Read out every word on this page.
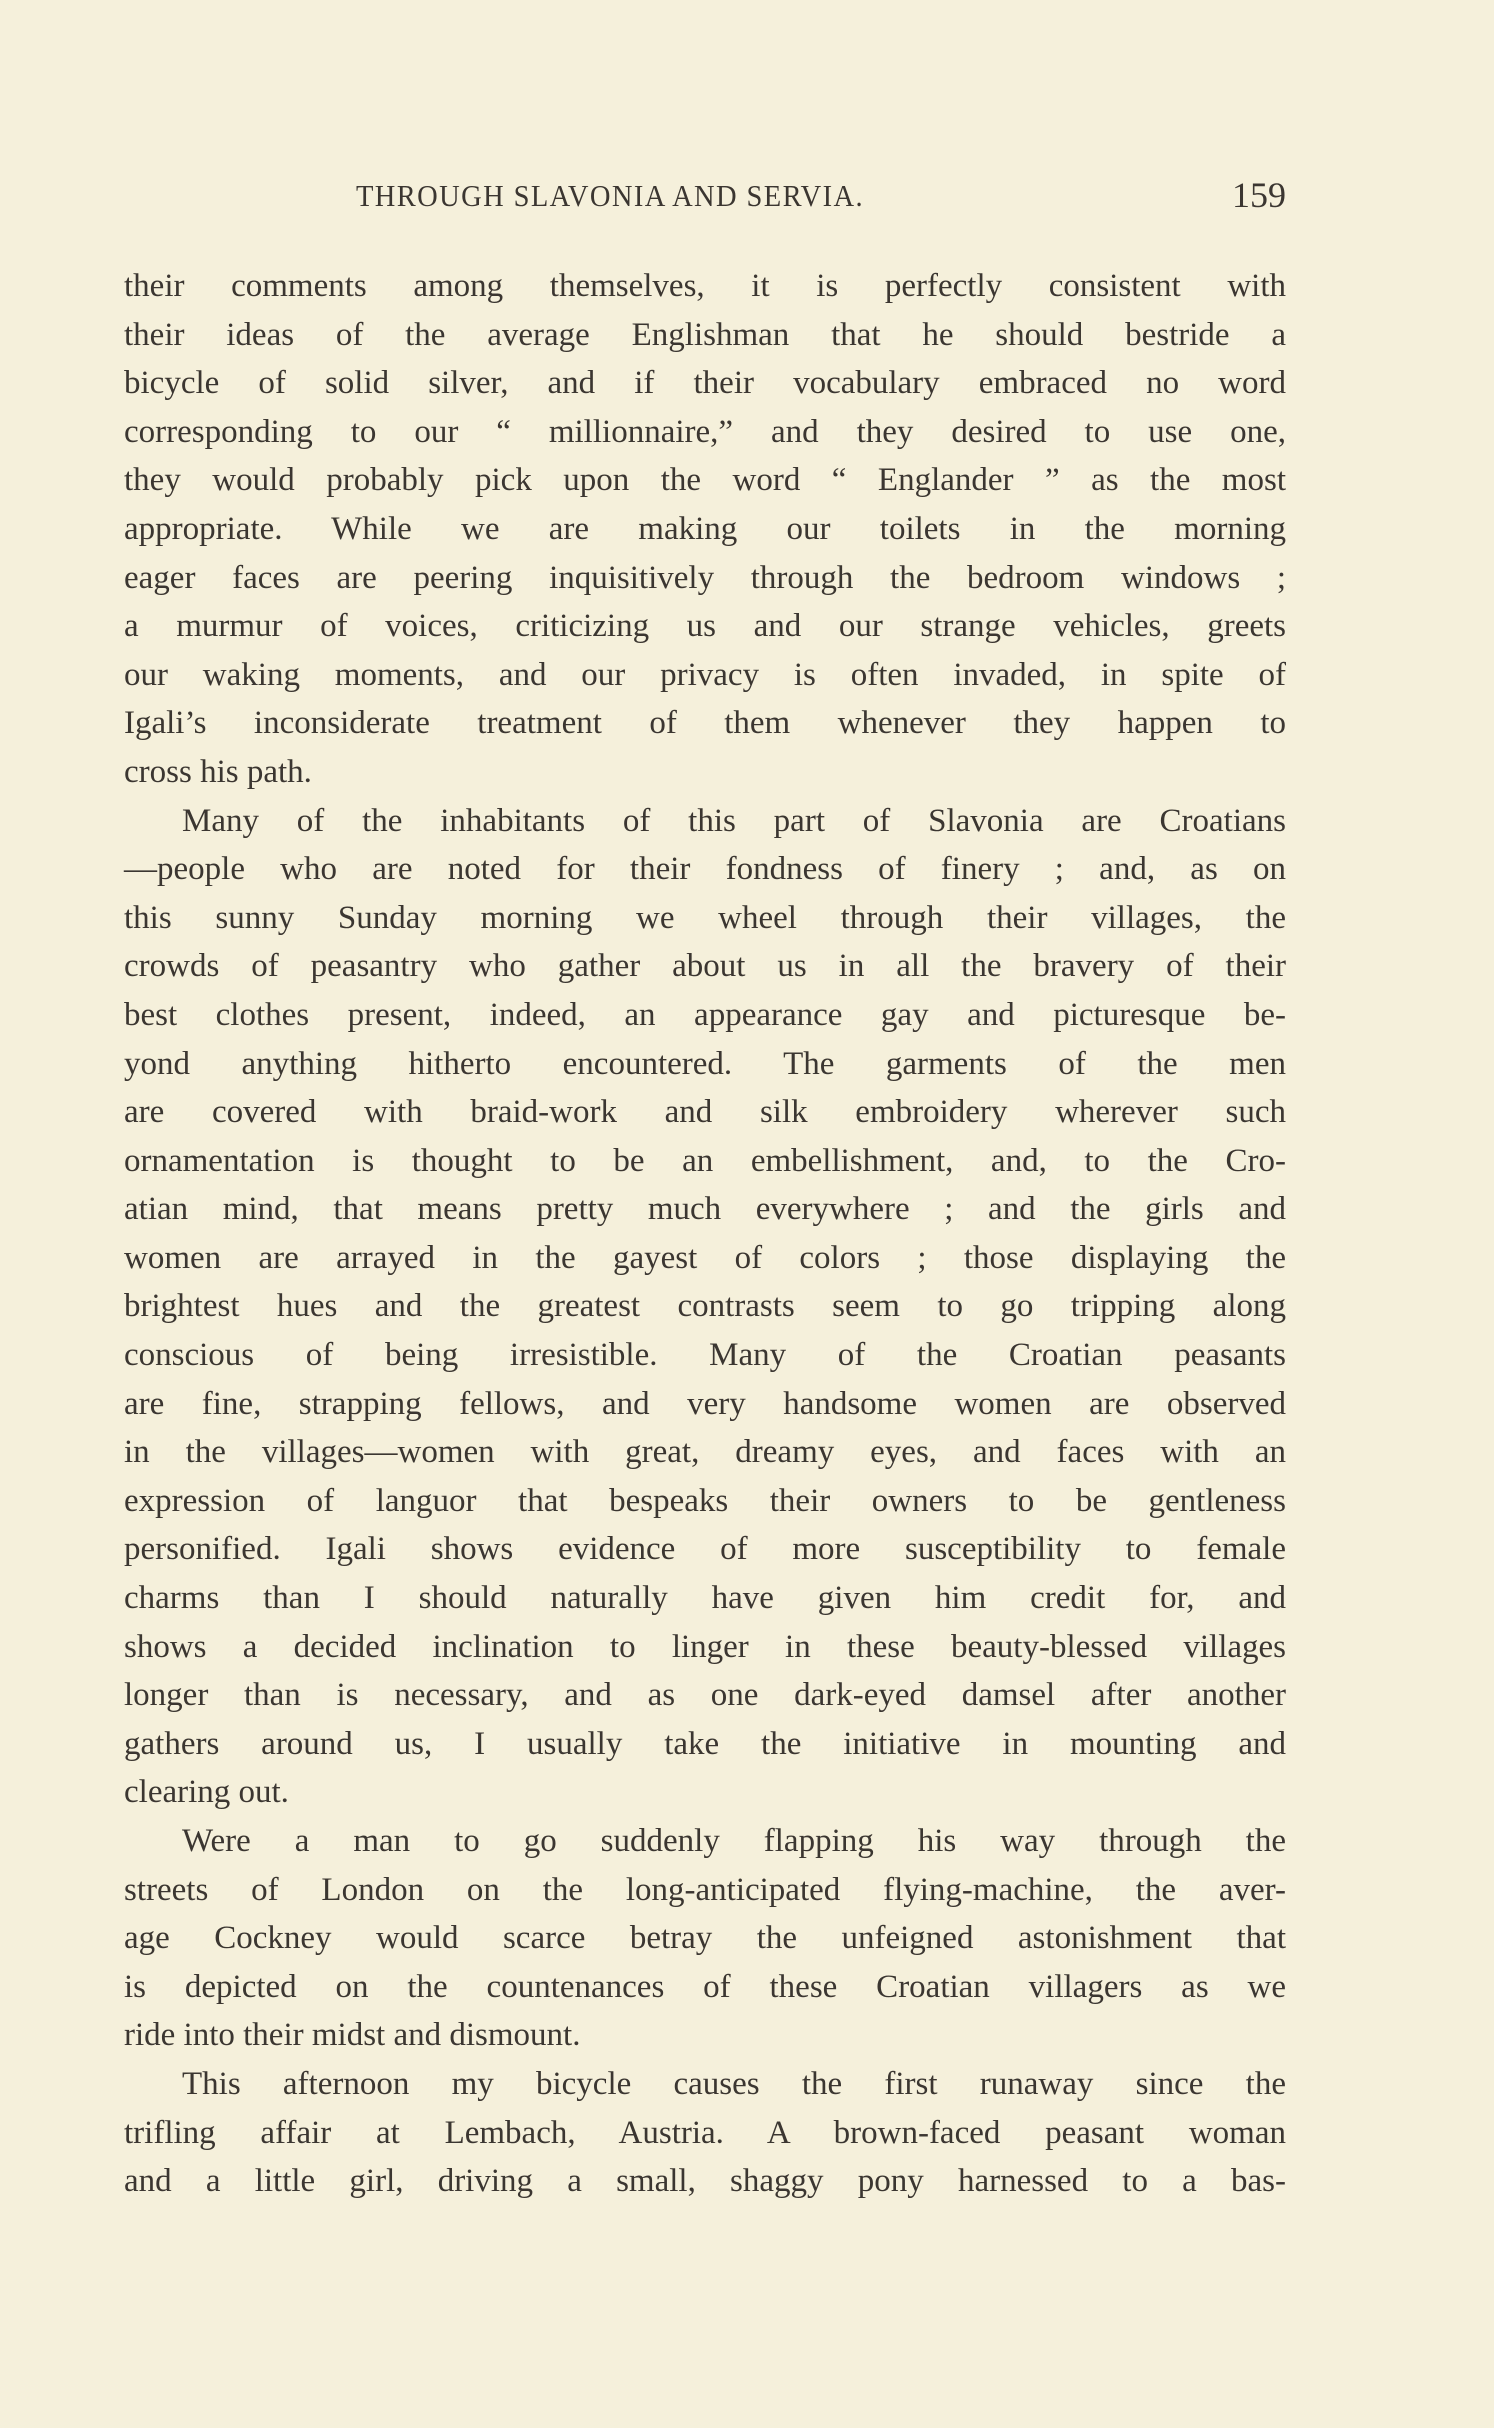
THROUGH SLAVONIA AND SERVIA.	159
their comments among themselves, it is perfectly consistent with
their ideas of the average Englishman that he should bestride a
bicycle of solid silver, and if their vocabulary embraced no word
corresponding to our “ millionnaire,” and they desired to use one,
they would probably pick upon the word “ Englander ” as the most
appropriate. While we are making our toilets in the morning
eager faces are peering inquisitively through the bedroom windows ;
a murmur of voices, criticizing us and our strange vehicles, greets
our waking moments, and our privacy is often invaded, in spite of
Igali’s inconsiderate treatment of them whenever they happen to
cross his path.
Many of the inhabitants of this part of Slavonia are Croatians
—people who are noted for their fondness of finery ; and, as on
this sunny Sunday morning we wheel through their villages, the
crowds of peasantry who gather about us in all the bravery of their
best clothes present, indeed, an appearance gay and picturesque be-
yond anything hitherto encountered. The garments of the men
are covered with braid-work and silk embroidery wherever such
ornamentation is thought to be an embellishment, and, to the Cro-
atian mind, that means pretty much everywhere ; and the girls and
women are arrayed in the gayest of colors ; those displaying the
brightest hues and the greatest contrasts seem to go tripping along
conscious of being irresistible. Many of the Croatian peasants
are fine, strapping fellows, and very handsome women are observed
in the villages—women with great, dreamy eyes, and faces with an
expression of languor that bespeaks their owners to be gentleness
personified. Igali shows evidence of more susceptibility to female
charms than I should naturally have given him credit for, and
shows a decided inclination to linger in these beauty-blessed villages
longer than is necessary, and as one dark-eyed damsel after another
gathers around us, I usually take the initiative in mounting and
clearing out.
Were a man to go suddenly flapping his way through the
streets of London on the long-anticipated flying-machine, the aver-
age Cockney would scarce betray the unfeigned astonishment that
is depicted on the countenances of these Croatian villagers as we
ride into their midst and dismount.
This afternoon my bicycle causes the first runaway since the
trifling affair at Lembach, Austria. A brown-faced peasant woman
and a little girl, driving a small, shaggy pony harnessed to a bas-
